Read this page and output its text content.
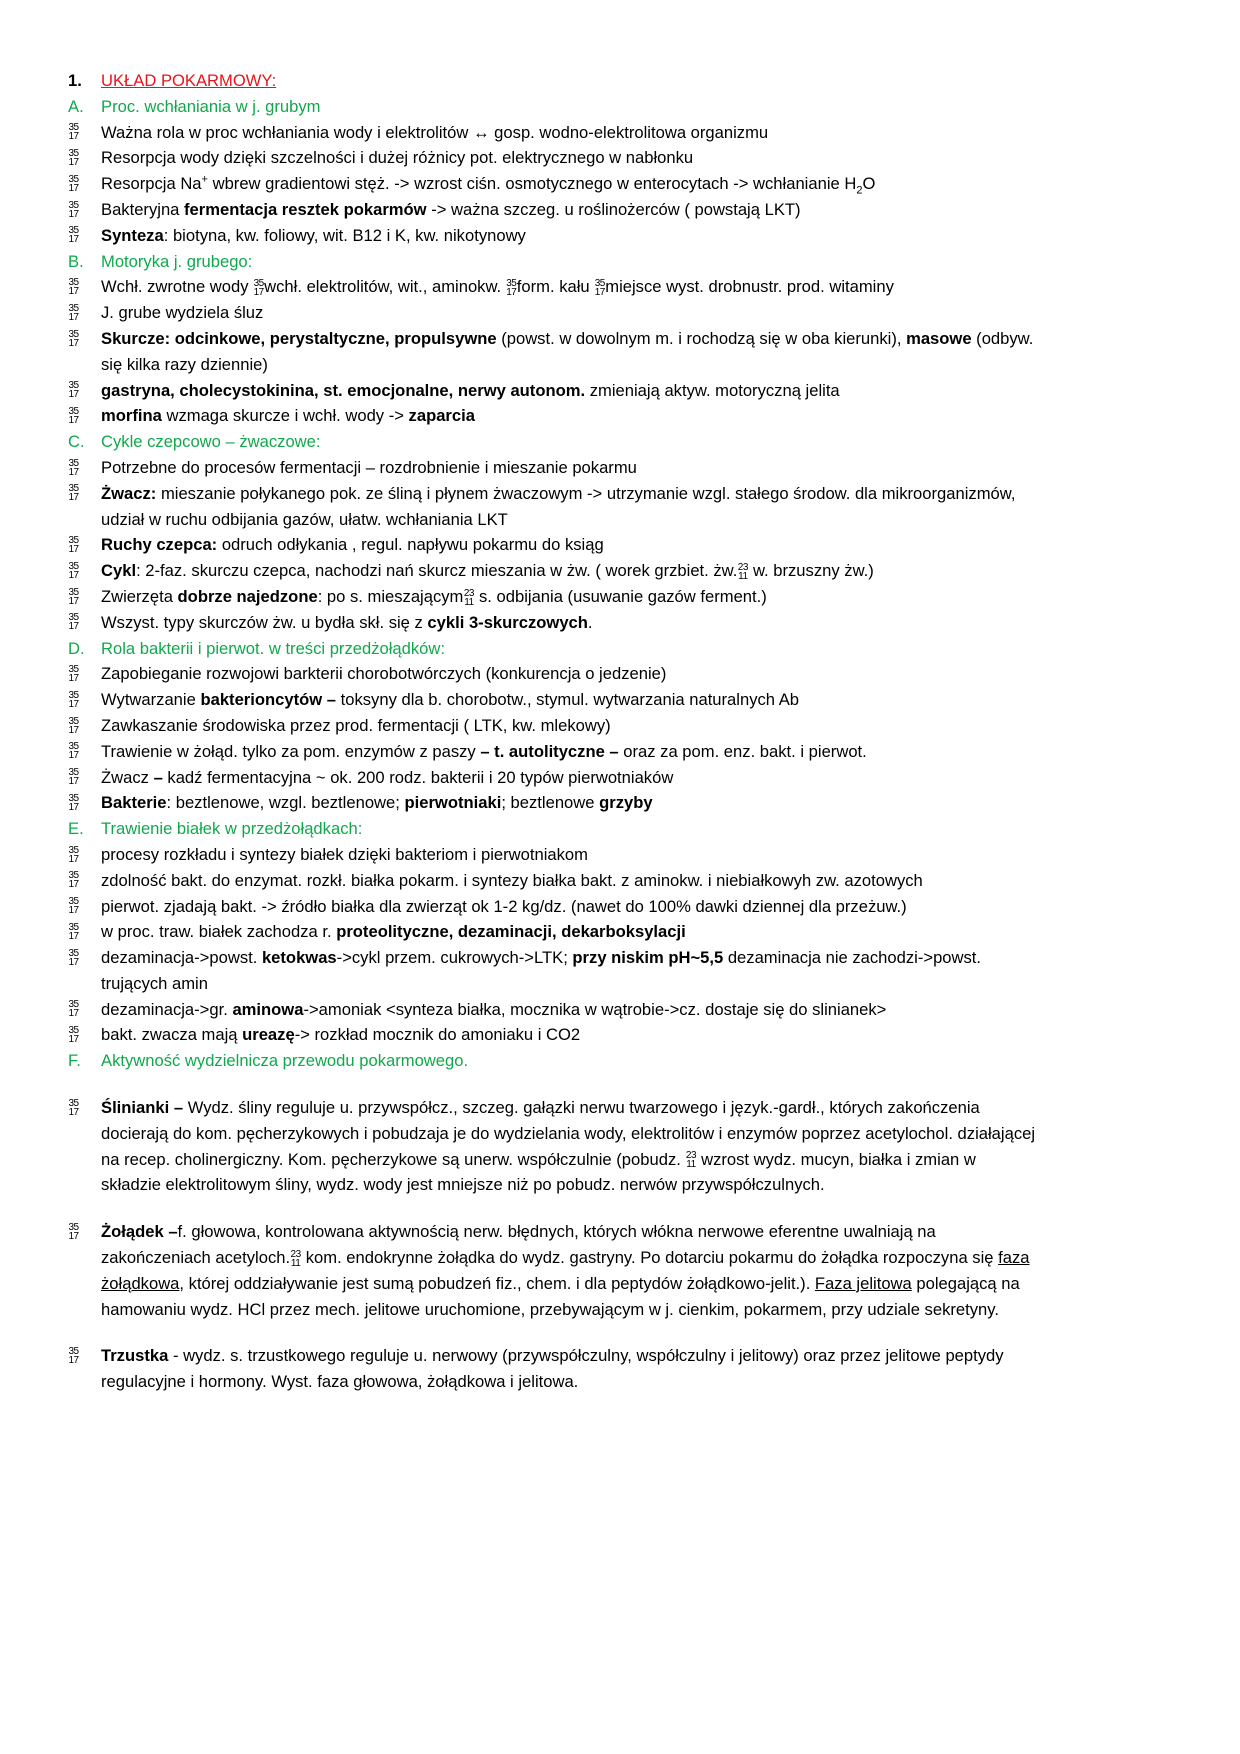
1.	UKŁAD POKARMOWY:
A.	Proc. wchłaniania w j. grubym
35
17 Ważna rola w proc wchłaniania wody i elektrolitów ↔ gosp. wodno-elektrolitowa organizmu
35
17 Resorpcja wody dzięki szczelności i dużej różnicy pot. elektrycznego w nabłonku
35
17 Resorpcja Na+ wbrew gradientowi stęż. -> wzrost ciśn. osmotycznego w enterocytach -> wchłanianie $H_2O$
35
17 Bakteryjna fermentacja resztek pokarmów -> ważna szczeg. u roślinożerców ( powstają LKT)
35
17 Synteza: biotyna, kw. foliowy, wit. B12 i K, kw. nikotynowy
B.	Motoryka j. grubego:
35
17 Wchł. zwrotne wody 35
17 wchł. elektrolitów, wit., aminokw. 35
17 form. kału 35
17 miejsce wyst. drobnustr. prod. witaminy
35
17 J. grube wydziela śluz
35
17 Skurcze: odcinkowe, perystaltyczne, propulsywne (powst. w dowolnym m. i rochodzą się w oba kierunki), masowe (odbyw. się kilka razy dziennie)
35
17 gastryna, cholecystokinina, st. emocjonalne, nerwy autonom. zmieniają aktyw. motoryczną jelita
35
17 morfina wzmaga skurcze i wchł. wody -> zaparcia
C. Cykle czepcowo – żwaczowe:
35
17 Potrzebne do procesów fermentacji – rozdrobnienie i mieszanie pokarmu
35
17 Żwacz: mieszanie połykanego pok. ze śliną i płynem żwaczowym -> utrzymanie wzgl. stałego środow. dla mikroorganizmów, udział w ruchu odbijania gazów, ułatw. wchłaniania LKT
35
17 Ruchy czepca: odruch odłykania , regul. napływu pokarmu do ksiąg
35
17 Cykl: 2-faz. skurczu czepca, nachodzi nań skurcz mieszania w żw. ( worek grzbiet. żw. 23
11 w. brzuszny żw.)
35
17 Zwierzęta dobrze najedzone: po s. mieszającym 23
11 s. odbijania (usuwanie gazów ferment.)
35
17 Wszyst. typy skurczów żw. u bydła skł. się z cykli 3-skurczowych.
D. Rola bakterii i pierwot. w treści przedżołądków:
35
17 Zapobieganie rozwojowi barkterii chorobotwórczych (konkurencja o jedzenie)
35
17 Wytwarzanie bakterioncytów – toksyny dla b. chorobotw., stymul. wytwarzania naturalnych Ab
35
17 Zawkaszanie środowiska przez prod. fermentacji ( LTK, kw. mlekowy)
35
17 Trawienie w żołąd. tylko za pom. enzymów z paszy – t. autolityczne – oraz za pom. enz. bakt. i pierwot.
35
17 Żwacz – kadź fermentacyjna ~ ok. 200 rodz. bakterii i 20 typów pierwotniaków
35
17 Bakterie: beztlenowe, wzgl. beztlenowe; pierwotniaki; beztlenowe grzyby
E.	Trawienie białek w przedżołądkach:
35
17 procesy rozkładu i syntezy białek dzięki bakteriom i pierwotniakom
35
17 zdolność bakt. do enzymat. rozkł. białka pokarm. i syntezy białka bakt. z aminokw. i niebiałkowyh zw. azotowych
35
17 pierwot. zjadają bakt. -> źródło białka dla zwierząt ok 1-2 kg/dz. (nawet do 100% dawki dziennej dla przeżuw.)
35
17 w proc. traw. białek zachodza r. proteolityczne, dezaminacji, dekarboksylacji
35
17 dezaminacja->powst. ketokwas->cykl przem. cukrowych->LTK; przy niskim pH~5,5 dezaminacja nie zachodzi->powst. trujących amin
35
17 dezaminacja->gr. aminowa->amoniak <synteza białka, mocznika w wątrobie->cz. dostaje się do slinianek>
35
17 bakt. zwacza mają ureazę-> rozkład mocznik do amoniaku i CO2
F.	Aktywność wydzielnicza przewodu pokarmowego.
35
17 Ślinianki – Wydz. śliny reguluje u. przywspółcz., szczeg. gałązki nerwu twarzowego i język.-gardł., których zakończenia docierają do kom. pęcherzykowych i pobudzaja je do wydzielania wody, elektrolitów i enzymów poprzez acetylochol. działającej na recep. cholinergiczny. Kom. pęcherzykowe są unerw. współczulnie (pobudz. 23
11 wzrost wydz. mucyn, białka i zmian w składzie elektrolitowym śliny, wydz. wody jest mniejsze niż po pobudz. nerwów przywspółczulnych.
35
17 Żołądek –f. głowowa, kontrolowana aktywnością nerw. błędnych, których włókna nerwowe eferentne uwalniają na zakończeniach acetyloch. 23
11 kom. endokrynne żołądka do wydz. gastryny. Po dotarciu pokarmu do żołądka rozpoczyna się faza żołądkowa, której oddziaływanie jest sumą pobudzeń fiz., chem. i dla peptydów żołądkowo-jelit.). Faza jelitowa polegającą na hamowaniu wydz. HCl przez mech. jelitowe uruchomione, przebywającym w j. cienkim, pokarmem, przy udziale sekretyny.
35
17 Trzustka - wydz. s. trzustkowego reguluje u. nerwowy (przywspółczulny, współczulny i jelitowy) oraz przez jelitowe peptydy regulacyjne i hormony. Wyst. faza głowowa, żołądkowa i jelitowa.
